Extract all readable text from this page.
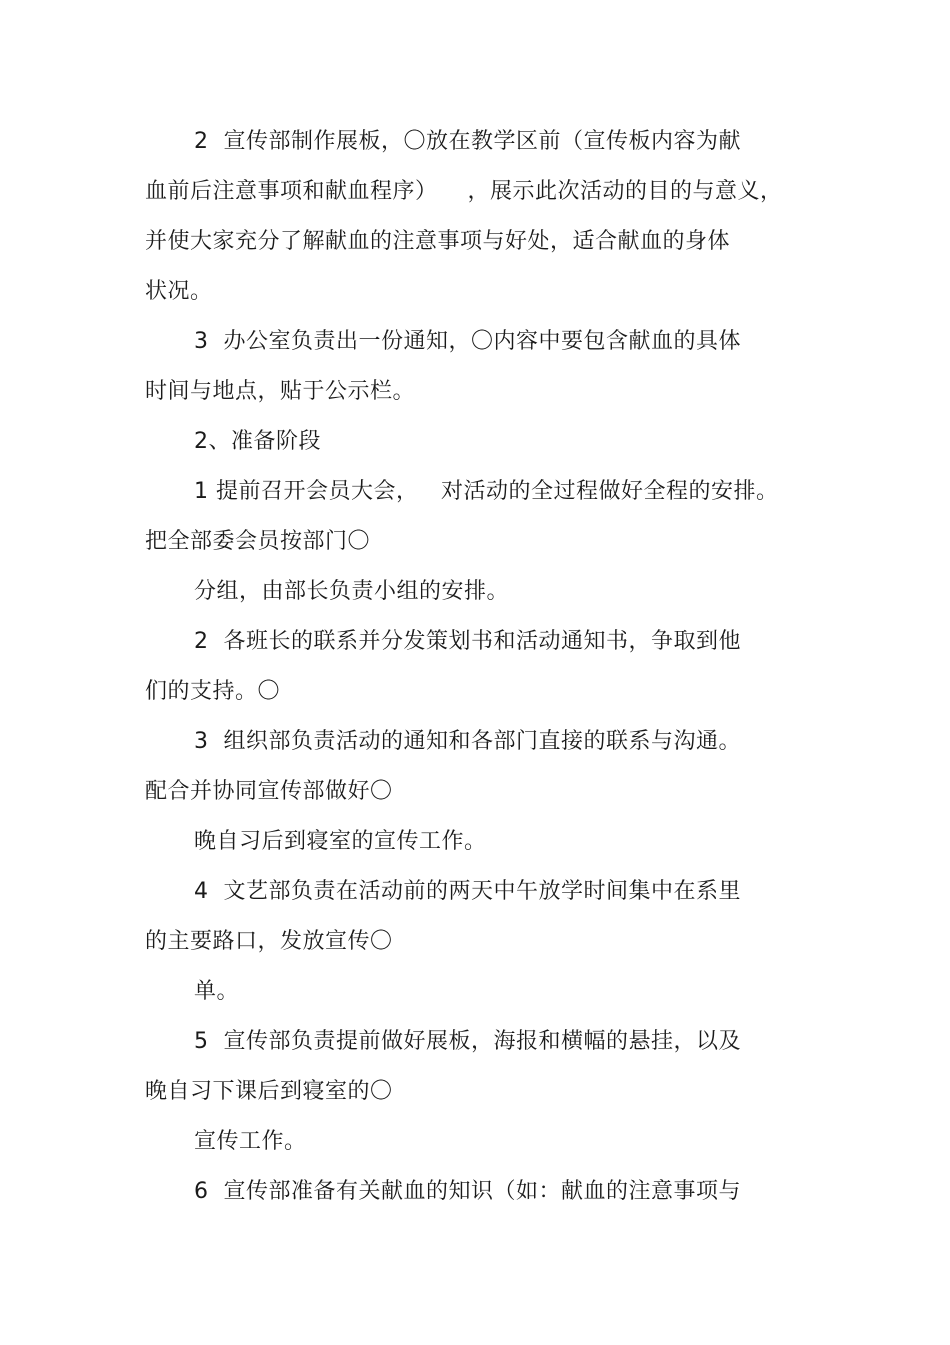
2  宣传部制作展板，〇放在教学区前（宣传板内容为献
血前后注意事项和献血程序）    ，展示此次活动的目的与意义，
并使大家充分了解献血的注意事项与好处，适合献血的身体
状况。
3  办公室负责出一份通知，〇内容中要包含献血的具体
时间与地点，贴于公示栏。
2、准备阶段
1 提前召开会员大会，   对活动的全过程做好全程的安排。
把全部委会员按部门〇
分组，由部长负责小组的安排。
2  各班长的联系并分发策划书和活动通知书，争取到他
们的支持。〇
3  组织部负责活动的通知和各部门直接的联系与沟通。
配合并协同宣传部做好〇
晚自习后到寝室的宣传工作。
4  文艺部负责在活动前的两天中午放学时间集中在系里
的主要路口，发放宣传〇
单。
5  宣传部负责提前做好展板，海报和横幅的悬挂，以及
晚自习下课后到寝室的〇
宣传工作。
6  宣传部准备有关献血的知识（如：献血的注意事项与
